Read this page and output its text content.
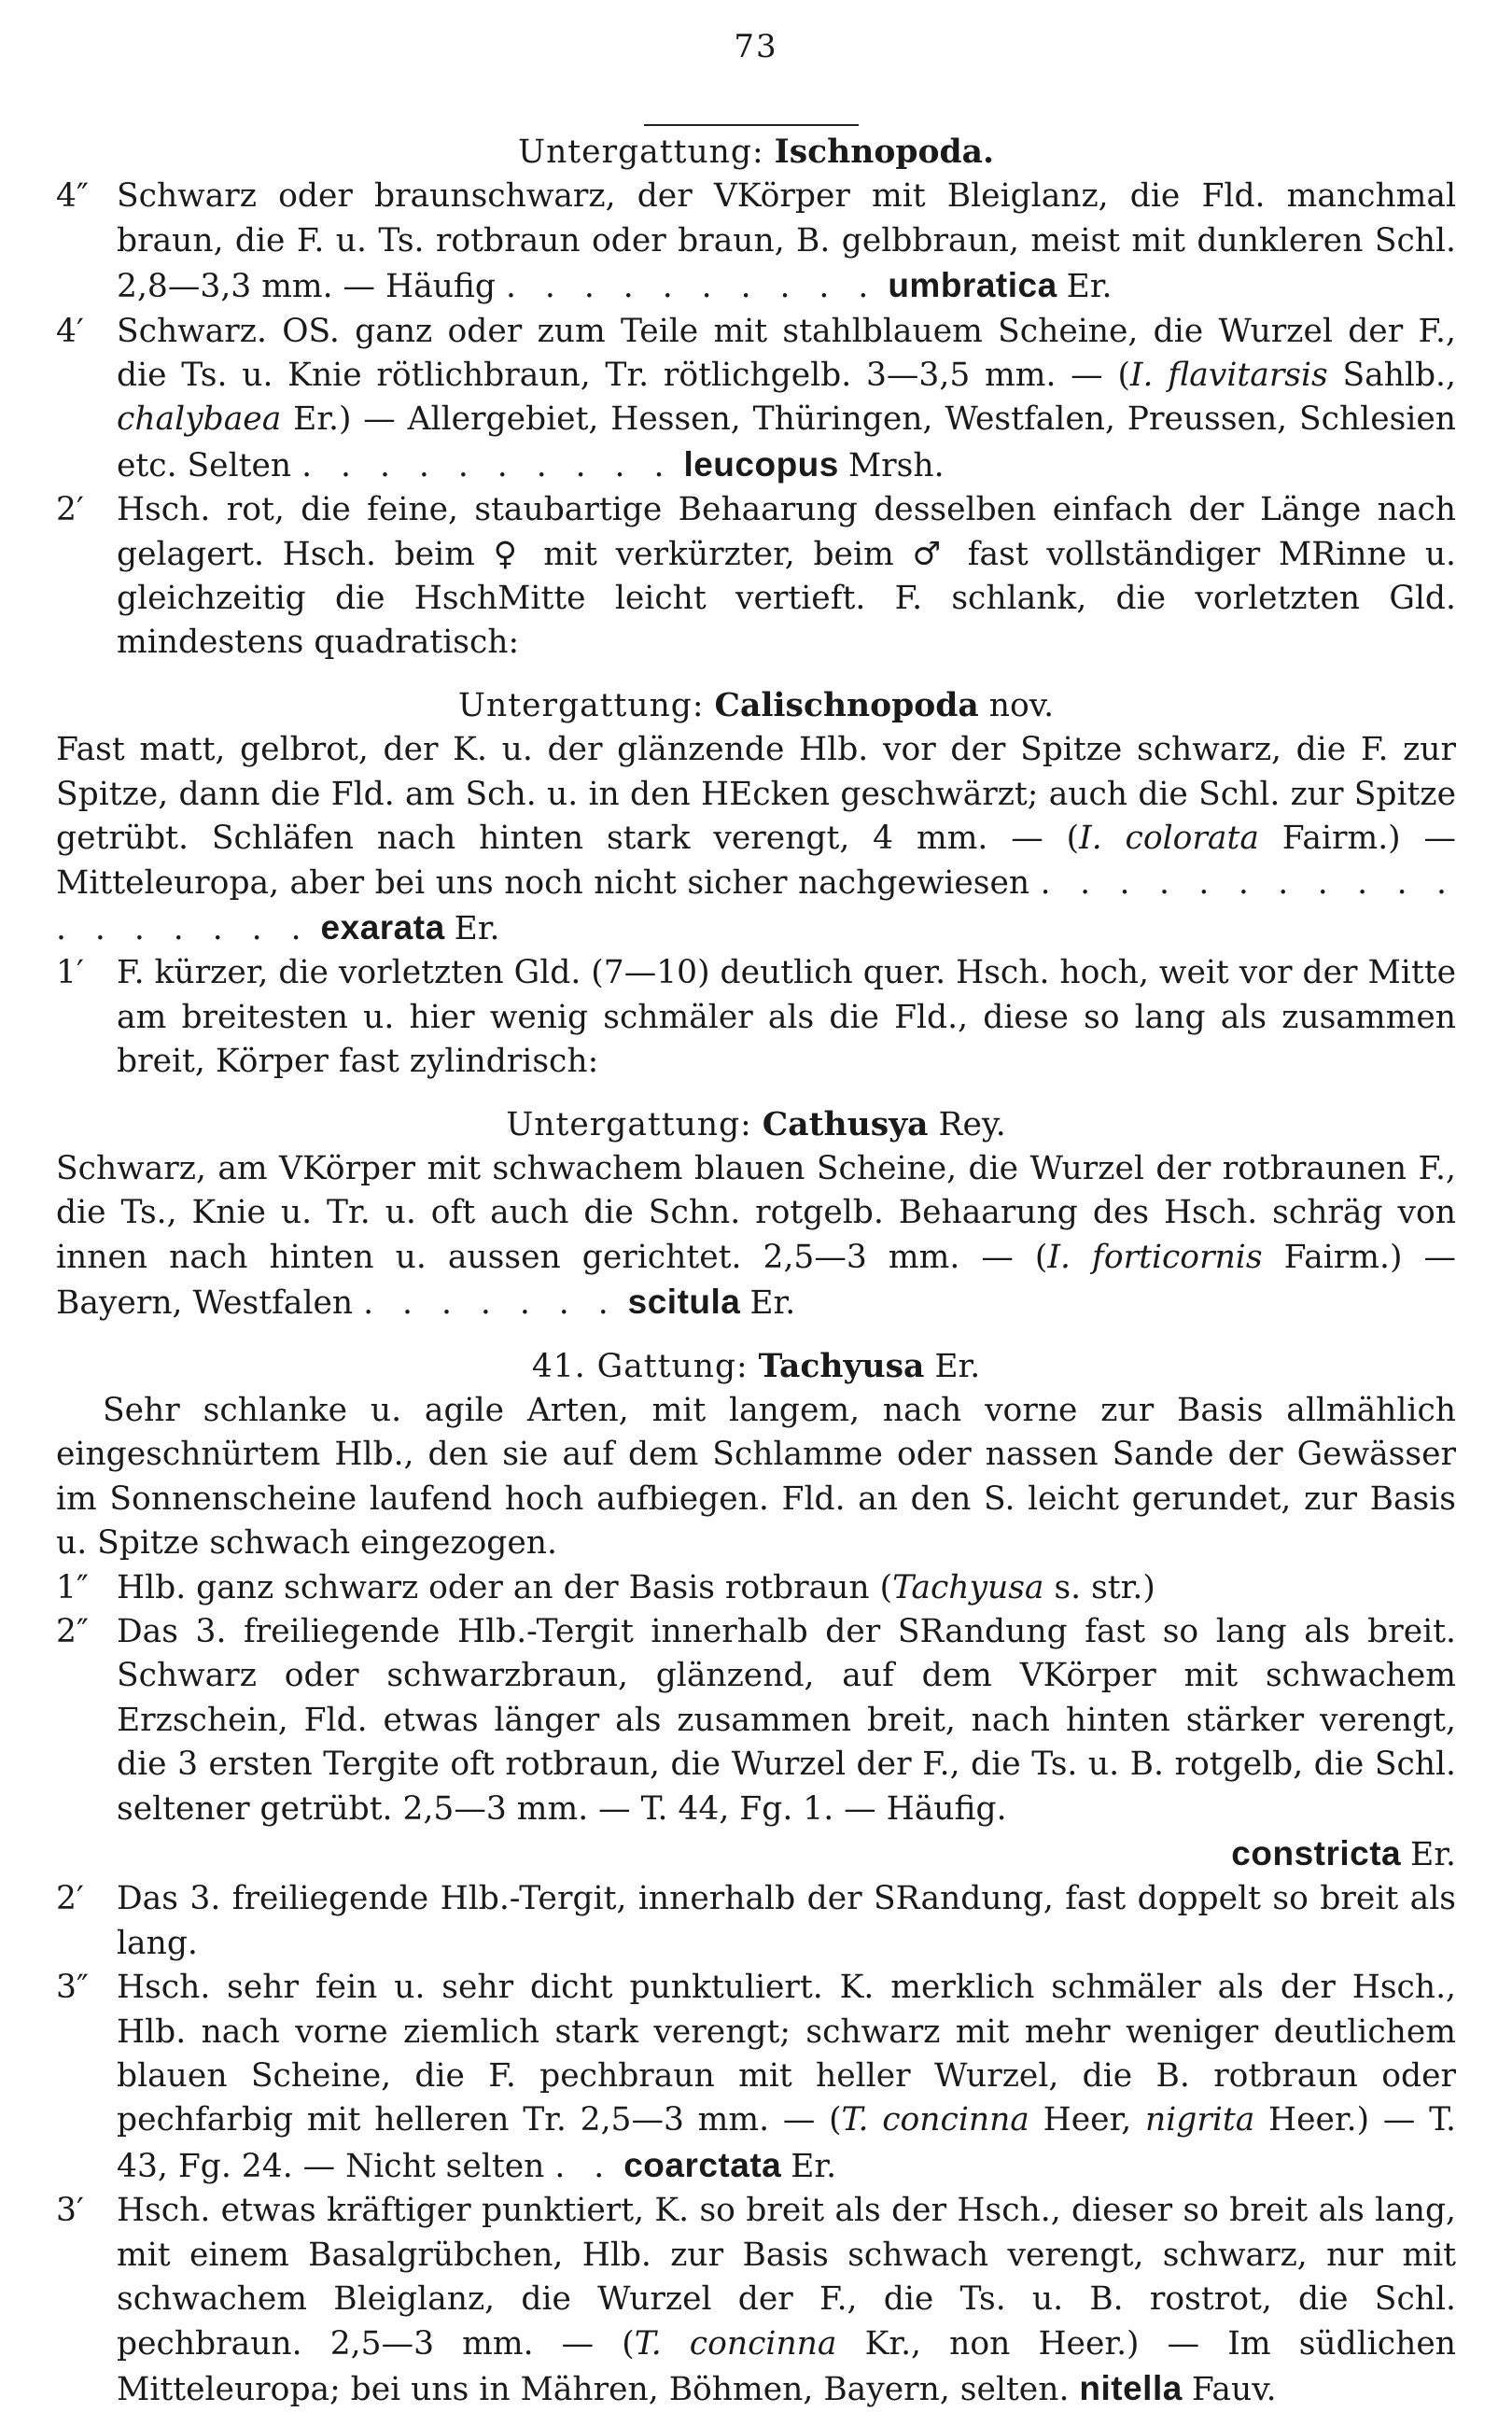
73

Untergattung: Ischnopoda.

4″ Schwarz oder braunschwarz, der VKörper mit Bleiglanz, die Fld. manchmal braun, die F. u. Ts. rotbraun oder braun, B. gelbbraun, meist mit dunkleren Schl. 2,8—3,3 mm. — Häufig . . . . . . . . . . umbratica Er.

4′ Schwarz. OS. ganz oder zum Teile mit stahlblauem Scheine, die Wurzel der F., die Ts. u. Knie rötlichbraun, Tr. rötlichgelb. 3—3,5 mm. — (I. flavitarsis Sahlb., chalybaea Er.) — Allergebiet, Hessen, Thüringen, Westfalen, Preussen, Schlesien etc. Selten . . . . . . . . . . leucopus Mrsh.

2′ Hsch. rot, die feine, staubartige Behaarung desselben einfach der Länge nach gelagert. Hsch. beim ♀ mit verkürzter, beim ♂ fast vollständiger MRinne u. gleichzeitig die HschMitte leicht vertieft. F. schlank, die vorletzten Gld. mindestens quadratisch:

Untergattung: Calischnopoda nov.

Fast matt, gelbrot, der K. u. der glänzende Hlb. vor der Spitze schwarz, die F. zur Spitze, dann die Fld. am Sch. u. in den HEcken geschwärzt; auch die Schl. zur Spitze getrübt. Schläfen nach hinten stark verengt, 4 mm. — (I. colorata Fairm.) — Mitteleuropa, aber bei uns noch nicht sicher nachgewiesen . . . . . . . . . . . . . . . . . . exarata Er.

1′ F. kürzer, die vorletzten Gld. (7—10) deutlich quer. Hsch. hoch, weit vor der Mitte am breitesten u. hier wenig schmäler als die Fld., diese so lang als zusammen breit, Körper fast zylindrisch:

Untergattung: Cathusya Rey.

Schwarz, am VKörper mit schwachem blauen Scheine, die Wurzel der rotbraunen F., die Ts., Knie u. Tr. u. oft auch die Schn. rotgelb. Behaarung des Hsch. schräg von innen nach hinten u. aussen gerichtet. 2,5—3 mm. — (I. forticornis Fairm.) — Bayern, Westfalen . . . . . . . scitula Er.

41. Gattung: Tachyusa Er.

Sehr schlanke u. agile Arten, mit langem, nach vorne zur Basis allmählich eingeschnürtem Hlb., den sie auf dem Schlamme oder nassen Sande der Gewässer im Sonnenscheine laufend hoch aufbiegen. Fld. an den S. leicht gerundet, zur Basis u. Spitze schwach eingezogen.

1″ Hlb. ganz schwarz oder an der Basis rotbraun (Tachyusa s. str.)

2″ Das 3. freiliegende Hlb.-Tergit innerhalb der SRandung fast so lang als breit. Schwarz oder schwarzbraun, glänzend, auf dem VKörper mit schwachem Erzschein, Fld. etwas länger als zusammen breit, nach hinten stärker verengt, die 3 ersten Tergite oft rotbraun, die Wurzel der F., die Ts. u. B. rotgelb, die Schl. seltener getrübt. 2,5—3 mm. — T. 44, Fg. 1. — Häufig.

constricta Er.

2′ Das 3. freiliegende Hlb.-Tergit, innerhalb der SRandung, fast doppelt so breit als lang.

3″ Hsch. sehr fein u. sehr dicht punktuliert. K. merklich schmäler als der Hsch., Hlb. nach vorne ziemlich stark verengt; schwarz mit mehr weniger deutlichem blauen Scheine, die F. pechbraun mit heller Wurzel, die B. rotbraun oder pechfarbig mit helleren Tr. 2,5—3 mm. — (T. concinna Heer, nigrita Heer.) — T. 43, Fg. 24. — Nicht selten . . coarctata Er.

3′ Hsch. etwas kräftiger punktiert, K. so breit als der Hsch., dieser so breit als lang, mit einem Basalgrübchen, Hlb. zur Basis schwach verengt, schwarz, nur mit schwachem Bleiglanz, die Wurzel der F., die Ts. u. B. rostrot, die Schl. pechbraun. 2,5—3 mm. — (T. concinna Kr., non Heer.) — Im südlichen Mitteleuropa; bei uns in Mähren, Böhmen, Bayern, selten. nitella Fauv.
